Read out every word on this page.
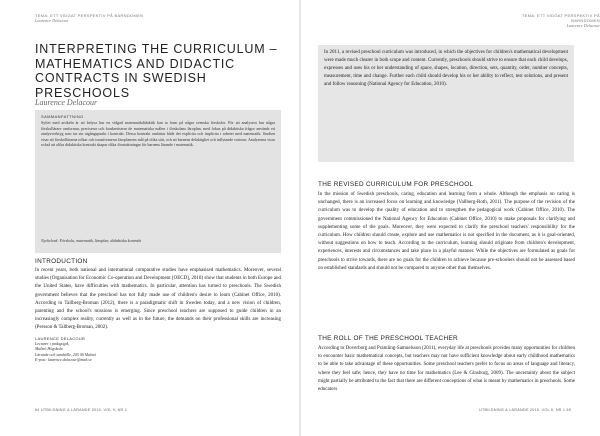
TEMA: ETT VIDGAT PERSPEKTIV PÅ BARNDOMEN
Laurence Delacour
INTERPRETING THE CURRICULUM – MATHEMATICS AND DIDACTIC CONTRACTS IN SWEDISH PRESCHOOLS
Laurence Delacour
SAMMANFATTNING
Syftet med artikeln är att belysa hur en vidgad matematikdidaktik kan ta form på några svenska förskolor. För att analysera hur några förskollärare omformar, preciserar och konkretiserar de matematiska målen i förskolans läroplan, med fokus på didaktiska frågor används ett analysverktyg som tar sin utgångspunkt i kontrakt. Dessa kontrakt omfattar både det explicita och implicita i arbetet med matematik. Studien visar att förskollärarna tolkar och transformerar läroplanens mål på olika sätt, och att barnens delaktighet och inflytande varierar. Analyserna visar också att olika didaktiska kontrakt skapar olika förutsättningar för barnens lärande i matematik.
Nyckelord: Förskola, matematik, läroplan, didaktiska kontrakt
INTRODUCTION
In recent years, both national and international comparative studies have emphasised mathematics. Moreover, several studies (Organisation for Economic Co-operation and Development [OECD], 2010) show that students in both Europe and the United States, have difficulties with mathematics. In particular, attention has turned to preschools. The Swedish government believes that the preschool has not fully made use of children's desire to learn (Cabinet Office, 2010). According to Tallberg-Broman (2012), there is a paradigmatic shift in Sweden today, and a new vision of children, parenting and the school's missions is emerging. Since preschool teachers are supposed to guide children in an increasingly complex reality, currently as well as in the future, the demands on their professional skills are increasing (Persson & Tallberg-Broman, 2002).
LAURENCE DELACOUR
Lecturer i pedagogik,
Malmö Högskola
Lärande och samhälle, 205 06 Malmö
E-post: laurence.delacour@mah.se
64 UTBILDNING & LÄRANDE 2015. VOL 9, NR 1
TEMA: ETT VIDGAT PERSPEKTIV PÅ BARNDOMEN
Laurence Delacour
In 2011, a revised preschool curriculum was introduced, in which the objectives for children's mathematical development were made much clearer in both scope and content. Currently, preschools should strive to ensure that each child develops, expresses and uses his or her understanding of space, shapes, location, direction, sets, quantity, order, number concepts, measurement, time and change. Further each child should develop his or her ability to reflect, test solutions, and present and follow reasoning (National Agency for Education, 2010).
THE REVISED CURRICULUM FOR PRESCHOOL
In the mission of Swedish preschools, caring, education and learning form a whole. Although the emphasis on caring is unchanged, there is an increased focus on learning and knowledge (Vallberg-Roth, 2011). The purpose of the revision of the curriculum was to develop the quality of education and to strengthen the pedagogical work (Cabinet Office, 2010). The government commissioned the National Agency for Education (Cabinet Office, 2010) to make proposals for clarifying and supplementing some of the goals. Moreover, they were expected to clarify the preschool teachers' responsibility for the curriculum. How children should create, explore and use mathematics is not specified in the document, as it is goal-oriented, without suggestions on how to teach. According to the curriculum, learning should originate from children's development, experiences, interests and circumstances and take place in a playful manner. While the objectives are formulated as goals for preschools to strive towards, there are no goals for the children to achieve because pre-schoolers should not be assessed based on established standards and should not be compared to anyone other than themselves.
THE ROLL OF THE PRESCHOOL TEACHER
According to Doverborg and Pramling-Samuelsson (2011), everyday life at preschools provides many opportunities for children to encounter basic mathematical concepts, but teachers may not have sufficient knowledge about early childhood mathematics to be able to take advantage of these opportunities. Some preschool teachers prefer to focus on areas of language and literacy, where they feel safe; hence, they have no time for mathematics (Lee & Ginsburg, 2009). The uncertainty about the subject might partially be attributed to the fact that there are different conceptions of what is meant by mathematics in preschools. Some educators
UTBILDNING & LÄRANDE 2015. VOL 9, NR 1 65
